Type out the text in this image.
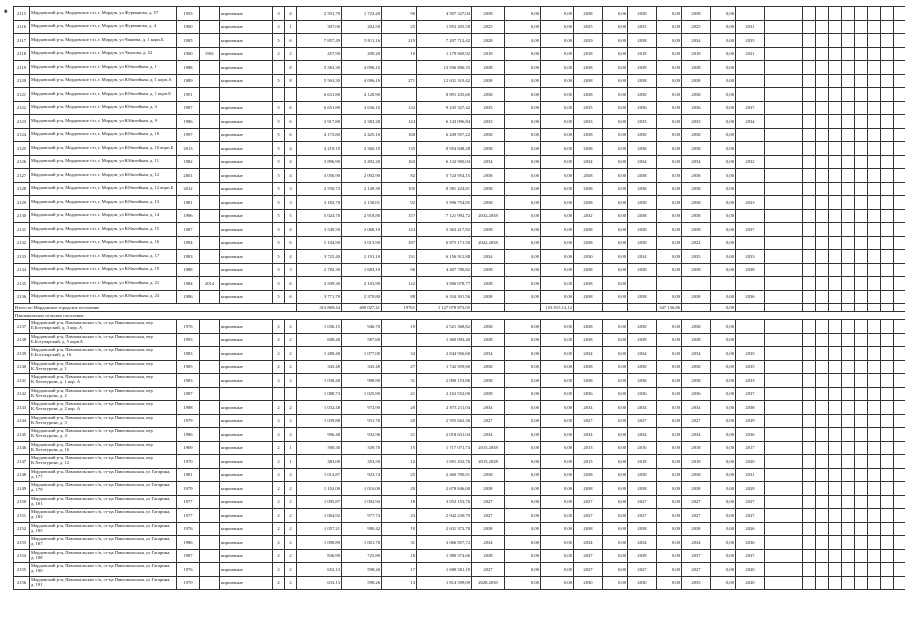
* 2115	Мордовский р-н, Мордовское г/п, г. Мордов, ул Фурманова, д. 57	1955		кирпичные	3	4	2 591,70	1 723,20	90	4 507 327,04	2038	0,00	0,09	2038	0,06	2038	0,00	2038	0,06										
2116	Мордовский р-н, Мордовское г/п, г. Мордов, ул Фурманова, д. 4	1960		кирпичные	2	1	307,00	202,50	25	1 852 205,58	2025	0,00	0,00	2025	0,00	2025	0,00	2025	0,00	2031									
2117	Мордовский р-н, Мордовское г/п, г. Мордов, ул Чапаева, д. 1 корп.Б	1985		кирпичные	5	6	7 857,49	5 811,16	219	7 207 712,42	2028	0,00	0,00	2029	0,00	2038	0,00	2034	0,00	2035									
2118	Мордовский р-н, Мордовское г/п, г. Мордов, ул Чкалова, д. 52	1960	1961	кирпичные	2	2	457,90	290,20	10	1 179 660,92	2018	0,00	0,00	2018	0,00	2018	0,00	2018	0,00	2021									
2119	Мордовский р-н, Мордовское г/п, г. Мордов, ул Юбилейная, д. 1	1988		кирпичные		8	5 563,30	4 096,10		13 936 806,35	2038	0,00	0,00	2038	0,00	2038	0,00	2038	0,00										
2120	Мордовский р-н, Мордовское г/п, г. Мордов, ул Юбилейная, д. 1 корп.А	1989		кирпичные	5	8	5 563,30	4 096,10	271	12 631 319,42	2038	0,00	0,00	2038	0,00	2038	0,00	2038	0,00										
2121	Мордовский р-н, Мордовское г/п, г. Мордов, ул Юбилейная, д. 1 корп.Б	1991					6 631,80	4 128,90		8 891 435,60	2038	0,00	0,00	2038	0,00	2038	0,00	2038	0,00										
2122	Мордовский р-н, Мордовское г/п, г. Мордов, ул Юбилейная, д. 4	1987		кирпичные	5	6	6 651,80	3 636,10	132	9 235 327,42	2035	0,00	0,00	2035	0,00	2036	0,00	2036	0,00	2037									
2123	Мордовский р-н, Мордовское г/п, г. Мордов, ул Юбилейная, д. 9	1986		кирпичные	5	6	3 917,80	2 382,28	124	6 143 096,84	2033	0,00	0,00	2033	0,00	2033	0,00	2033	0,00	2034									
2124	Мордовский р-н, Мордовское г/п, г. Мордов, ул Юбилейная, д. 10	1997		кирпичные	5	6	4 173,80	2 425,10	168	6 249 957,22	2038	0,00	0,00	2038	0,00	2038	0,00	2038	0,00										
2125	Мордовский р-н, Мордовское г/п, г. Мордов, ул Юбилейная, д. 10 корп.Б	2013		кирпичные	5	4	4 219,10	3 360,10	135	8 954 848,28	2038	0,00	0,00	2038	0,00	2038	0,00	2038	0,00										
2126	Мордовский р-н, Мордовское г/п, г. Мордов, ул Юбилейная, д. 11	1982		кирпичные	5	4	3 896,90	2 492,20	163	6 132 900,04	2034	0,00	0,00	2034	0,00	2034	0,00	2034	0,00	2032									
2127	Мордовский р-н, Мордовское г/п, г. Мордов, ул Юбилейная, д. 12	2001		кирпичные	5	4	3 056,90	2 002,90	82	5 724 954,15	2038	0,00	0,00	2038	0,00	2038	0,00	2038	0,00										
2128	Мордовский р-н, Мордовское г/п, г. Мордов, ул Юбилейная, д. 12 корп.Б	2012		кирпичные	5	3	2 550,73	2 149,39	105	8 381 224,81	2038	0,00	0,00	2038	0,00	2038	0,00	2038	0,00										
2129	Мордовский р-н, Мордовское г/п, г. Мордов, ул Юбилейная, д. 13	1981		кирпичные	5	3	3 182,70	2 130,01	92	5 996 754,85	2038	0,00	0,00	2038	0,00	2038	0,00	2038	0,00	2023									
2130	Мордовский р-н, Мордовское г/п, г. Мордов, ул Юбилейная, д. 14	1996		кирпичные	5	5	5 024,70	2 918,80	157	7 121 992,72	2032,2038	0,00	0,00	2032	0,00	2038	0,00	2038	0,00										
2131	Мордовский р-н, Мордовское г/п, г. Мордов, ул Юбилейная, д. 15	1987		кирпичные	5	4	3 549,50	2 068,10	124	5 363 417,82	2038	0,00	0,00	2038	0,00	2038	0,00	2038	0,00	2037									
2132	Мордовский р-н, Мордовское г/п, г. Мордов, ул Юбилейная, д. 16	1994		кирпичные	5	6	5 104,90	3 013,90	187	6 875 171,50	2022,2038	0,00	0,00	2038	0,00	2038	0,00	2022	0,00										
2133	Мордовский р-н, Мордовское г/п, г. Мордов, ул Юбилейная, д. 17	1983		кирпичные	5	4	3 725,40	2 191,10	131	6 156 912,88	2034	0,00	0,00	2030	0,00	2034	0,00	2035	0,00	2033									
2134	Мордовский р-н, Мордовское г/п, г. Мордов, ул Юбилейная, д. 19	1988		кирпичные	5	3	2 782,30	1 683,10	96	4 407 780,82	2038	0,00	0,00	2038	0,00	2038	0,00	2038	0,00	2038									
2135	Мордовский р-н, Мордовское г/п, г. Мордов, ул Юбилейная, д. 21	1984	2014	кирпичные	5	6	3 509,30	2 103,90	122	3 906 078,77	2038	0,00	0,00	2038	0,00														
2136	Мордовский р-н, Мордовское г/п, г. Мордов, ул Юбилейная, д. 23	1986		кирпичные	5	6	3 771,70	2 379,80	88	6 334 391,56	2038	0,00	0,00	2038	0,00	2038	0,00	2038	0,00	2036									
Итого по Мордовское городское поселение							313 869,44	400 027,41	19761	1 127 078 872,05			153 015 12,12				347 136,86		0,00										
Павловальское сельское поселение																													
2137	Мордовский р-н, Павловальское с/п, ст-ца Павловальская, пер Б.Богучарский, д. 3 кор. А	1976		кирпичные	2	2	1 036,15	946,70	19	2 521 368,82	2038	0,00	0,00	2038	0,00	2038	0,00	2038	0,00										
2138	Мордовский р-н, Павловальское с/п, ст-ца Павловальская, пер Б.Богучарский, д. 5 корп.Б	1993		кирпичные	2	2	608,40	587,60		1 460 003,40	2038	0,00	0,00	2038	0,00	2038	0,00	2038	0,00										
2139	Мордовский р-н, Павловальское с/п, ст-ца Павловальская, пер Б.Богучарский, д. 16	1983		кирпичные	2	2	1 289,40	1 077,00	34	2 844 956,60	2034	0,00	0,00	2034	0,00	2034	0,00	2034	0,00	2035									
2140	Мордовский р-н, Павловальское с/п, ст-ца Павловальская, пер К.Хетагурова, д. 1	1985		кирпичные	2	2	343,40	345,40	27	1 742 959,60	2038	0,00	0,00	2038	0,00	2038	0,00	2038	0,00	2035									
2141	Мордовский р-н, Павловальское с/п, ст-ца Павловальская, пер К.Хетагурова, д. 1 кор. А	1983		кирпичные	2	2	1 038,40	998,90	31	2 090 153,86	2038	0,00	0,00	2038	0,00	2038	0,00	2038	0,00	2033									
2142	Мордовский р-н, Павловальское с/п, ст-ца Павловальская, пер К.Хетагурова, д. 2	1987					1 088,73	1 025,90	21	2 162 552,00	2038	0,00	0,00	2036	0,00	2036	0,00	2036	0,00	2037									
2143	Мордовский р-н, Павловальское с/п, ст-ца Павловальская, пер К.Хетагурова, д. 2 кор. А	1988		кирпичные	2	2	1 032,48	972,90	20	2 873 211,04	2034	0,00	0,00	2034	0,00	2034	0,00	2034	0,00	2038									
2144	Мордовский р-н, Павловальское с/п, ст-ца Павловальская, пер К.Хетагурова, д. 3	1979		кирпичные	2	2	1 039,88	931,76	20	2 955 662,36	2027	0,00	0,00	2027	0,00	2027	0,00	2027	0,00	2029									
2145	Мордовский р-н, Павловальское с/п, ст-ца Павловальская, пер К.Хетагурова, д. 4	1986		кирпичные	2	2	996,48	932,96	21	2 018 631,04	2034	0,00	0,00	2034	0,00	2034	0,00	2034	0,00	2036									
2146	Мордовский р-н, Павловальское с/п, ст-ца Павловальская, пер К.Хетагурова, д. 16	1969		кирпичные	2	1	390,30	339,70	15	1 717 071,74	2015,2038	0,00	0,00	2015	0,00	2016	0,00	2018	0,00	2017									
2147	Мордовский р-н, Павловальское с/п, ст-ца Павловальская, пер К.Хетагурова, д. 12	1970		кирпичные	2	1	383,00	353,50	12	1 691 432,76	2015,2038	0,00	0,00	2015	0,00	2018	0,00	2018	0,00	2020									
2148	Мордовский р-н, Павловальское с/п, ст-ца Павловальская, ул Гагарина, д. 177	1981		кирпичные	2	2	1 012,87	923,74	25	2 460 700,01	2038	0,00	0,00	2038	0,00	2038	0,00	2038	0,00	2031									
2149	Мордовский р-н, Павловальское с/п, ст-ца Павловальская, ул Гагарина, д. 179	1979		кирпичные	2	2	1 102,00	1 010,00	20	2 678 846,00	2038	0,00	0,00	2038	0,00	2038	0,00	2038	0,00	2029									
2150	Мордовский р-н, Павловальское с/п, ст-ца Павловальская, ул Гагарина, д. 181	1977		кирпичные	2	2	1 095,87	1 002,94	18	3 052 153,76	2027	0,00	0,00	2027	0,00	2027	0,00	2027	0,00	2027									
2151	Мордовский р-н, Павловальское с/п, ст-ца Павловальская, ул Гагарина, д. 183	1977		кирпичные	2	2	1 064,92	977,74	23	2 942 230,79	2027	0,00	0,00	2027	0,00	2027	0,00	2027	0,00	2027									
2152	Мордовский р-н, Павловальское с/п, ст-ца Павловальская, ул Гагарина, д. 185	1976		кирпичные	2	2	1 057,21	990,42	19	2 631 372,78	2038	0,00	0,00	2038	0,00	2038	0,00	2038	0,00	2026									
2153	Мордовский р-н, Павловальское с/п, ст-ца Павловальская, ул Гагарина, д. 187	1986		кирпичные	2	2	1 090,89	1 001,78	31	3 066 857,72	2034	0,00	0,00	2034	0,00	2034	0,00	2034	0,00	2036									
2154	Мордовский р-н, Павловальское с/п, ст-ца Павловальская, ул Гагарина, д. 188	1987		кирпичные	2	2	836,90	725,80	18	1 980 374,66	2038	0,00	0,00	2037	0,00	2038	0,00	2037	0,00	2037									
2155	Мордовский р-н, Павловальское с/п, ст-ца Павловальская, ул Гагарина, д. 190	1976		кирпичные	2	2	652,13	598,26	17	1 680 581,19	2027	0,00	0,00	2027	0,00	2027	0,00	2027	0,00	2020									
2156	Мордовский р-н, Павловальское с/п, ст-ца Павловальская, ул Гагарина, д. 191	1970		кирпичные	2	2	633,13	598,26	13	1 814 599,09	2028,2030	0,00	0,00	2030	0,00	2030	0,00	2035	0,00	2020									
